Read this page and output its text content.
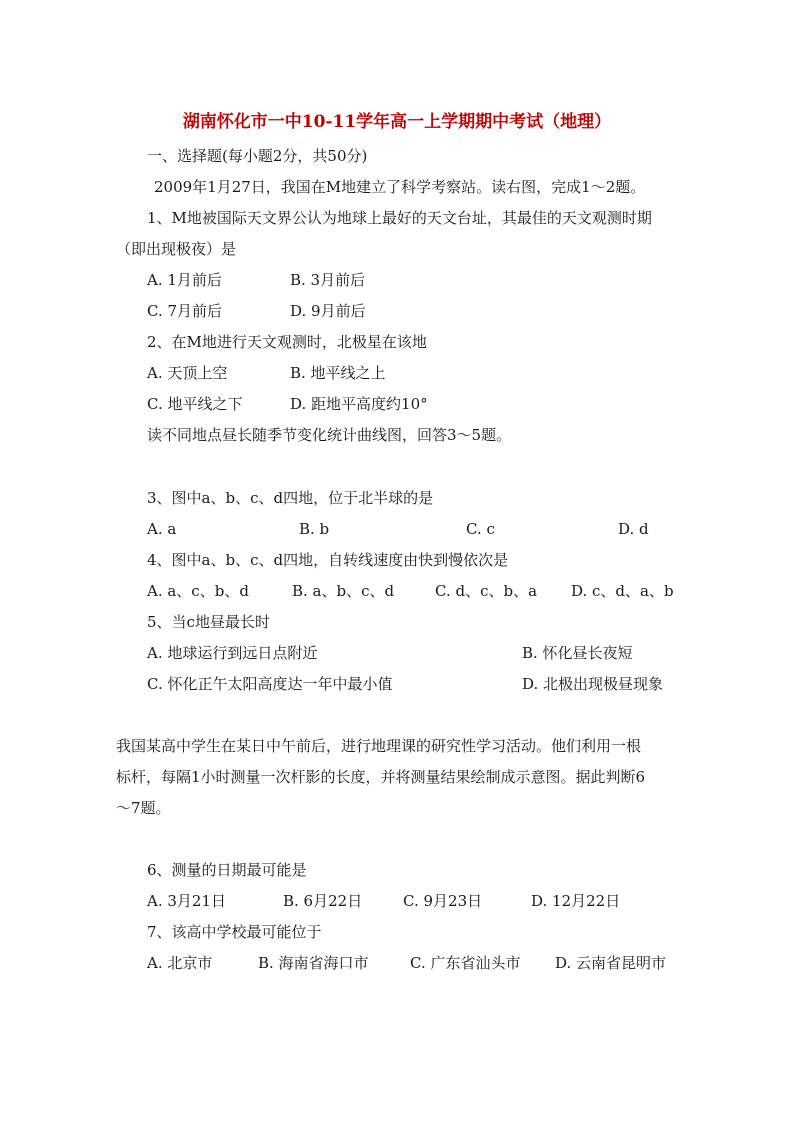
湖南怀化市一中10-11学年高一上学期期中考试（地理）
一、选择题(每小题2分，共50分)
2009年1月27日，我国在M地建立了科学考察站。读右图，完成1～2题。
1、M地被国际天文界公认为地球上最好的天文台址，其最佳的天文观测时期
（即出现极夜）是
A. 1月前后	B. 3月前后
C. 7月前后	D. 9月前后
2、在M地进行天文观测时，北极星在该地
A. 天顶上空	B. 地平线之上
C. 地平线之下	D. 距地平高度约10°
读不同地点昼长随季节变化统计曲线图，回答3～5题。
3、图中a、b、c、d四地，位于北半球的是
A. a	B. b	C. c	D. d
4、图中a、b、c、d四地，自转线速度由快到慢依次是
A. a、c、b、d	B. a、b、c、d	C. d、c、b、a D. c、d、a、b
5、当c地昼最长时
A. 地球运行到远日点附近	B. 怀化昼长夜短
C. 怀化正午太阳高度达一年中最小值	D. 北极出现极昼现象
我国某高中学生在某日中午前后，进行地理课的研究性学习活动。他们利用一根
标杆，每隔1小时测量一次杆影的长度，并将测量结果绘制成示意图。据此判断6
～7题。
6、测量的日期最可能是
A. 3月21日	B. 6月22日	C. 9月23日	D. 12月22日
7、该高中学校最可能位于
A. 北京市	B. 海南省海口市	C. 广东省汕头市 D. 云南省昆明市
